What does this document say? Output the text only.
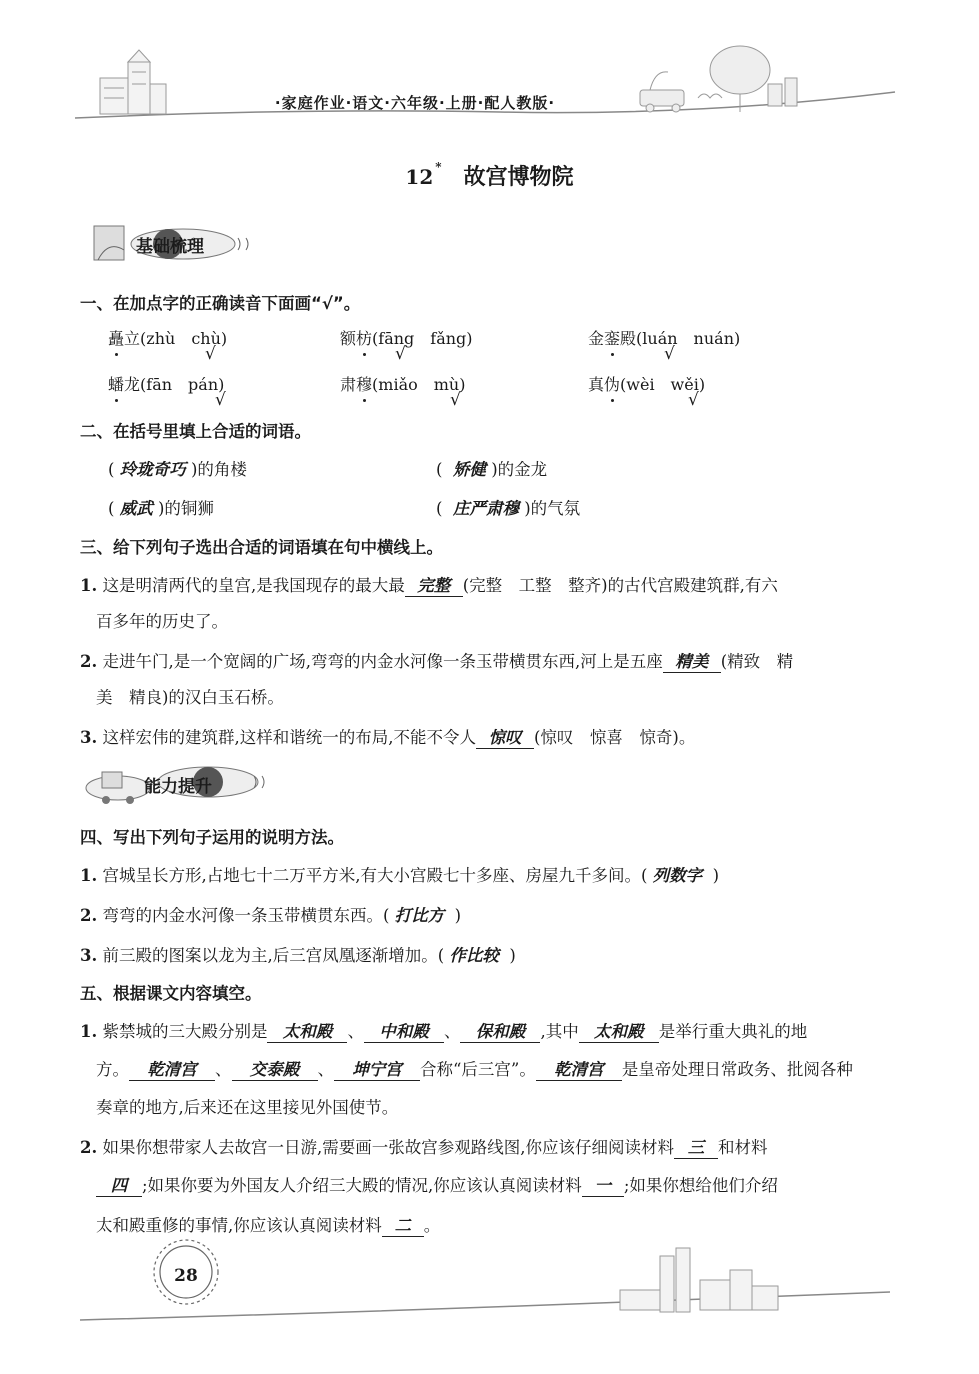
·家庭作业·语文·六年级·上册·配人教版·
12 * 故宫博物院
基础梳理
一、在加点字的正确读音下面画“√”。
矗立(zhù　chù)
√
额枋(fāng　fǎng)
√
金銮殿(luán　nuán)
√
蟠龙(fān　pán)
√
肃穆(miǎo　mù)
√
真伪(wèi　wěi)
√
二、在括号里填上合适的词语。
( 玲珑奇巧 )的角楼	( 矫健 )的金龙
( 威武 )的铜狮	( 庄严肃穆 )的气氛
三、给下列句子选出合适的词语填在句中横线上。
1. 这是明清两代的皇宫,是我国现存的最大最 完整 (完整　工整　整齐)的古代宫殿建筑群,有六
百多年的历史了。
2. 走进午门,是一个宽阔的广场,弯弯的内金水河像一条玉带横贯东西,河上是五座 精美 (精致　精
美　精良)的汉白玉石桥。
3. 这样宏伟的建筑群,这样和谐统一的布局,不能不令人 惊叹 (惊叹　惊喜　惊奇)。
能力提升
四、写出下列句子运用的说明方法。
1. 宫城呈长方形,占地七十二万平方米,有大小宫殿七十多座、房屋九千多间。( 列数字 )
2. 弯弯的内金水河像一条玉带横贯东西。( 打比方 )
3. 前三殿的图案以龙为主,后三宫凤凰逐渐增加。( 作比较 )
五、根据课文内容填空。
1. 紫禁城的三大殿分别是 太和殿 、 中和殿 、 保和殿 ,其中 太和殿 是举行重大典礼的地
方。 乾清宫 、 交泰殿 、 坤宁宫 合称“后三宫”。 乾清宫 是皇帝处理日常政务、批阅各种
奏章的地方,后来还在这里接见外国使节。
2. 如果你想带家人去故宫一日游,需要画一张故宫参观路线图,你应该仔细阅读材料 三 和材料
四 ;如果你要为外国友人介绍三大殿的情况,你应该认真阅读材料 一 ;如果你想给他们介绍
太和殿重修的事情,你应该认真阅读材料 二 。
28
